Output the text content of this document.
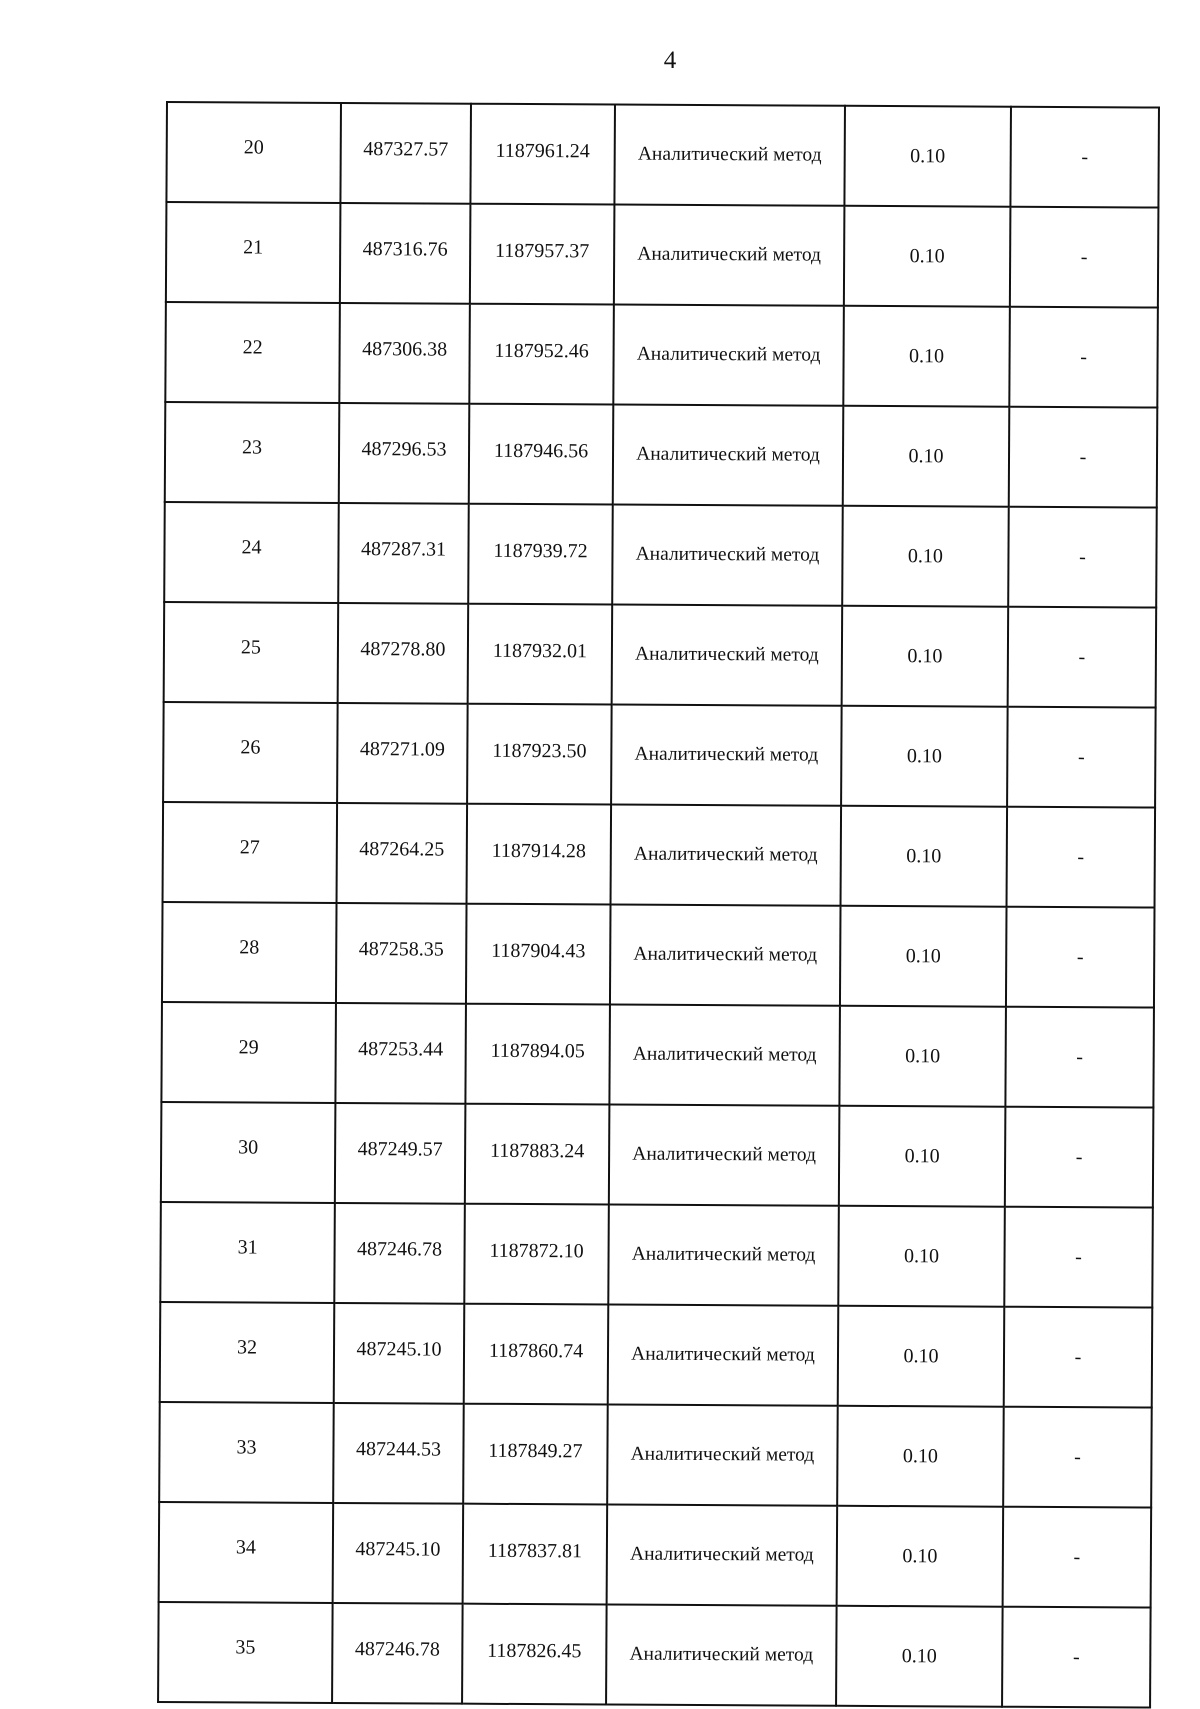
4
20	487327.57	1187961.24	Аналитический метод	0.10	-
21	487316.76	1187957.37	Аналитический метод	0.10	-
22	487306.38	1187952.46	Аналитический метод	0.10	-
23	487296.53	1187946.56	Аналитический метод	0.10	-
24	487287.31	1187939.72	Аналитический метод	0.10	-
25	487278.80	1187932.01	Аналитический метод	0.10	-
26	487271.09	1187923.50	Аналитический метод	0.10	-
27	487264.25	1187914.28	Аналитический метод	0.10	-
28	487258.35	1187904.43	Аналитический метод	0.10	-
29	487253.44	1187894.05	Аналитический метод	0.10	-
30	487249.57	1187883.24	Аналитический метод	0.10	-
31	487246.78	1187872.10	Аналитический метод	0.10	-
32	487245.10	1187860.74	Аналитический метод	0.10	-
33	487244.53	1187849.27	Аналитический метод	0.10	-
34	487245.10	1187837.81	Аналитический метод	0.10	-
35	487246.78	1187826.45	Аналитический метод	0.10	-
